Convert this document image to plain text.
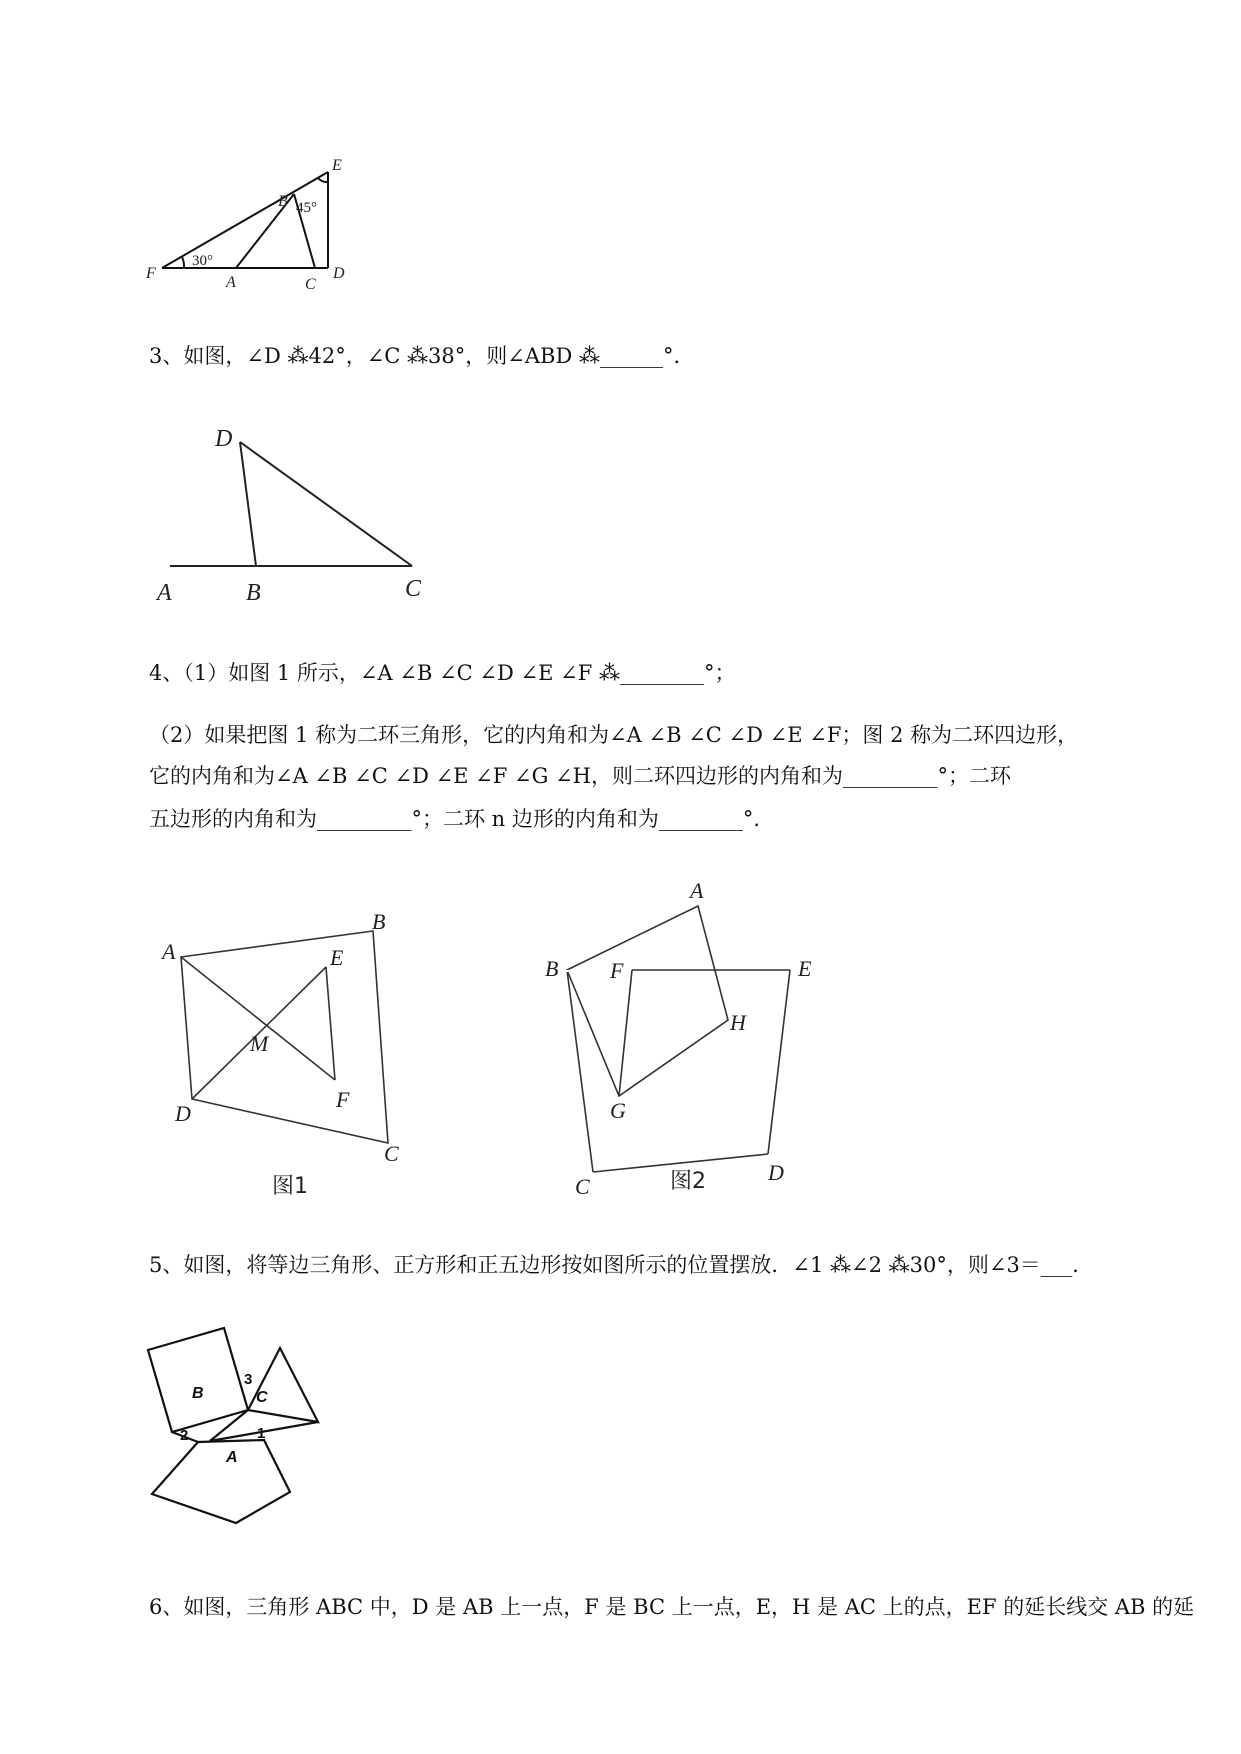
E
B 45°
30°
F
A	C
D
3、如图，∠D ⁂42°，∠C ⁂38°，则∠ABD ⁂______°．
D
A	B	C
4、（1）如图 1 所示，∠A ∠B ∠C ∠D ∠E ∠F ⁂________°；
（2）如果把图 1 称为二环三角形，它的内角和为∠A ∠B ∠C ∠D ∠E ∠F；图 2 称为二环四边形，
它的内角和为∠A ∠B ∠C ∠D ∠E ∠F ∠G ∠H，则二环四边形的内角和为_________°；二环
五边形的内角和为_________°；二环 n 边形的内角和为________°．
A
B
E
M
D
F
C
图1
A
B F	E
H
G
C
D
图2
5、如图，将等边三角形、正方形和正五边形按如图所示的位置摆放．∠1 ⁂∠2 ⁂30°，则∠3＝___．
B	C
A
1
2
3
6、如图，三角形 ABC 中，D 是 AB 上一点，F 是 BC 上一点，E，H 是 AC 上的点，EF 的延长线交 AB 的延
